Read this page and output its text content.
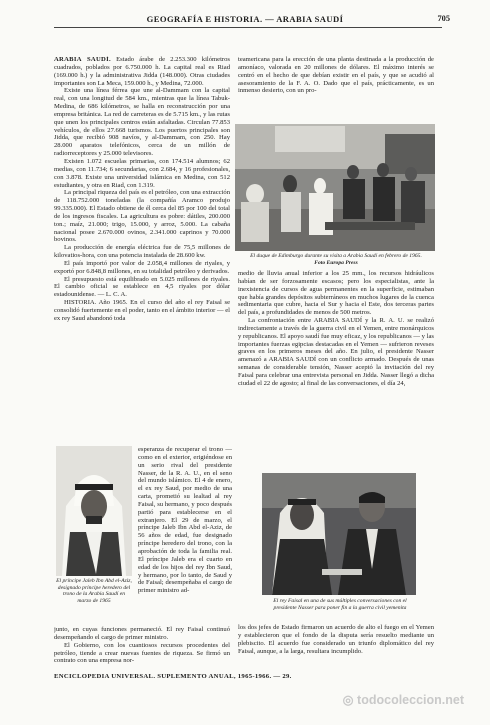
GEOGRAFÍA E HISTORIA. — ARABIA SAUDÍ	705

ARABIA SAUDÍ. Estado árabe de 2.253.300 kilómetros cuadrados, poblados por 6.750.000 h. La capital real es Riad (169.000 h.) y la administrativa Jidda (148.000). Otras ciudades importantes son La Meca, 159.000 h., y Medina, 72.000.

Existe una línea férrea que une al-Dammam con la capital real, con una longitud de 584 km., mientras que la línea Tabuk-Medina, de 686 kilómetros, se halla en reconstrucción por una empresa británica. La red de carreteras es de 5.715 km., y las rutas que unen los principales centros están asfaltadas. Circulan 77.853 vehículos, de ellos 27.668 turismos. Los puertos principales son Jidda, que recibió 908 navíos, y al-Dammam, con 250. Hay 28.000 aparatos telefónicos, cerca de un millón de radiorreceptores y 25.000 televisores.

Existen 1.072 escuelas primarias, con 174.514 alumnos; 62 medias, con 11.734; 6 secundarias, con 2.684, y 16 profesionales, con 3.878. Existe una universidad islámica en Medina, con 512 estudiantes, y otra en Riad, con 1.319.

La principal riqueza del país es el petróleo, con una extracción de 118.752.000 toneladas (la compañía Aramco produjo 99.335.000). El Estado obtiene de él cerca del 85 por 100 del total de los ingresos fiscales. La agricultura es pobre: dátiles, 200.000 ton.; maíz, 21.000; trigo, 15.000, y arroz, 5.000. La cabaña nacional posee 2.670.000 ovinos, 2.341.000 caprinos y 70.000 bovinos.

La producción de energía eléctrica fue de 75,5 millones de kilovatios-hora, con una potencia instalada de 28.600 kw.

El país importó por valor de 2.058,4 millones de riyales, y exportó por 6.848,8 millones, en su totalidad petróleo y derivados.

El presupuesto está equilibrado en 5.025 millones de riyales. El cambio oficial se establece en 4,5 riyales por dólar estadounidense. — L. C. A.

HISTORIA. Año 1965. En el curso del año el rey Faisal se consolidó fuertemente en el poder, tanto en el ámbito interior — el ex rey Saud abandonó toda

El duque de Edimburgo durante su visita a Arabia Saudí en febrero de 1965.
Foto Europa Press

teamericana para la erección de una planta destinada a la producción de amoníaco, valorada en 20 millones de dólares. El máximo interés se centró en el hecho de que debían existir en el país, y que se acudió al asesoramiento de la F. A. O. Dado que el país, prácticamente, es un inmenso desierto, con un pro-

medio de lluvia anual inferior a los 25 mm., los recursos hidráulicos habían de ser forzosamente escasos; pero los especialistas, ante la inexistencia de cursos de agua permanentes en la superficie, estimaban que había grandes depósitos subterráneos en muchos lugares de la cuenca sedimentaria que cubre, hacia el Sur y hacia el Este, dos terceras partes del país, a profundidades de menos de 500 metros.

La confrontación entre ARABIA SAUDÍ y la R. A. U. se realizó indirectamente a través de la guerra civil en el Yemen, entre monárquicos y republicanos. El apoyo saudí fue muy eficaz, y los republicanos — y las importantes fuerzas egipcias destacadas en el Yemen — sufrieron reveses graves en los primeros meses del año. En julio, el presidente Nasser amenazó a ARABIA SAUDÍ con un conflicto armado. Después de unas semanas de considerable tensión, Nasser aceptó la invitación del rey Faisal para celebrar una entrevista personal en Jidda. Nasser llegó a dicha ciudad el 22 de agosto; al final de las conversaciones, el día 24,

El príncipe Jaleb Ibn Abd el-Aziz, designado príncipe heredero del trono de la Arabia Saudí en marzo de 1965

esperanza de recuperar el trono — como en el exterior, erigiéndose en un serio rival del presidente Nasser, de la R. A. U., en el seno del mundo islámico. El 4 de enero, el ex rey Saud, por medio de una carta, prometió su lealtad al rey Faisal, su hermano, y poco después partió para establecerse en el extranjero. El 29 de marzo, el príncipe Jaleb Ibn Abd el-Aziz, de 56 años de edad, fue designado príncipe heredero del trono, con la aprobación de toda la familia real. El príncipe Jaleb era el cuarto en edad de los hijos del rey Ibn Saud, y hermano, por lo tanto, de Saud y de Faisal; desempeñaba el cargo de primer ministro ad-

junto, en cuyas funciones permaneció. El rey Faisal continuó desempeñando el cargo de primer ministro.

El Gobierno, con los cuantiosos recursos procedentes del petróleo, tiende a crear nuevas fuentes de riqueza. Se firmó un contrato con una empresa nor-

El rey Faisal en una de sus múltiples conversaciones con el presidente Nasser para poner fin a la guerra civil yemenita

los dos jefes de Estado firmaron un acuerdo de alto el fuego en el Yemen y establecieron que el fondo de la disputa sería resuelto mediante un plebiscito. El acuerdo fue considerado un triunfo diplomático del rey Faisal, aunque, a la larga, resultara incumplido.

ENCICLOPEDIA UNIVERSAL. SUPLEMENTO ANUAL, 1965-1966. — 29.
◎ todocoleccion.net
